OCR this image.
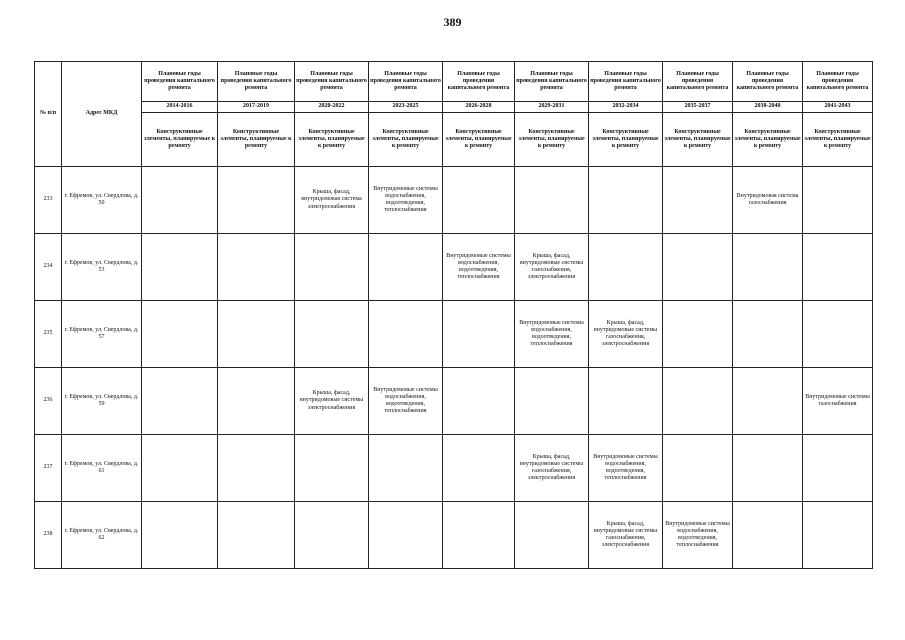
389
№ п/п	Адрес МКД	Плановые годы проведения капитального ремонта	Плановые годы проведения капитального ремонта	Плановые годы проведения капитального ремонта	Плановые годы проведения капитального ремонта	Плановые годы проведения капитального ремонта	Плановые годы проведения капитального ремонта	Плановые годы проведения капитального ремонта	Плановые годы проведения капитального ремонта	Плановые годы проведения капитального ремонта	Плановые годы проведения капитального ремонта
		2014-2016	2017-2019	2020-2022	2023-2025	2026-2028	2029-2031	2032-2034	2035-2037	2038-2040	2041-2043
		Конструктивные элементы, планируемые к ремонту	Конструктивные элементы, планируемые к ремонту	Конструктивные элементы, планируемые к ремонту	Конструктивные элементы, планируемые к ремонту	Конструктивные элементы, планируемые к ремонту	Конструктивные элементы, планируемые к ремонту	Конструктивные элементы, планируемые к ремонту	Конструктивные элементы, планируемые к ремонту	Конструктивные элементы, планируемые к ремонту	Конструктивные элементы, планируемые к ремонту
233	г. Ефремов, ул. Свердлова, д. 50			Крыша, фасад, внутридомовая система электроснабжения	Внутридомовые системы водоснабжения, водоотведения, теплоснабжения					Внутридомовая система газоснабжения	
234	г. Ефремов, ул. Свердлова, д. 53					Внутридомовые системы водоснабжения, водоотведения, теплоснабжения	Крыша, фасад, внутридомовые системы газоснабжения, электроснабжения				
235	г. Ефремов, ул. Свердлова, д. 57						Внутридомовые системы водоснабжения, водоотведения, теплоснабжения	Крыша, фасад, внутридомовые системы газоснабжения, электроснабжения			
236	г. Ефремов, ул. Свердлова, д. 59			Крыша, фасад, внутридомовые системы электроснабжения	Внутридомовые системы водоснабжения, водоотведения, теплоснабжения						Внутридомовые системы газоснабжения
237	г. Ефремов, ул. Свердлова, д. 61						Крыша, фасад, внутридомовые системы газоснабжения, электроснабжения	Внутридомовые системы водоснабжения, водоотведения, теплоснабжения			
238	г. Ефремов, ул. Свердлова, д. 62							Крыша, фасад, внутридомовые системы газоснабжения, электроснабжения	Внутридомовые системы водоснабжения, водоотведения, теплоснабжения		
